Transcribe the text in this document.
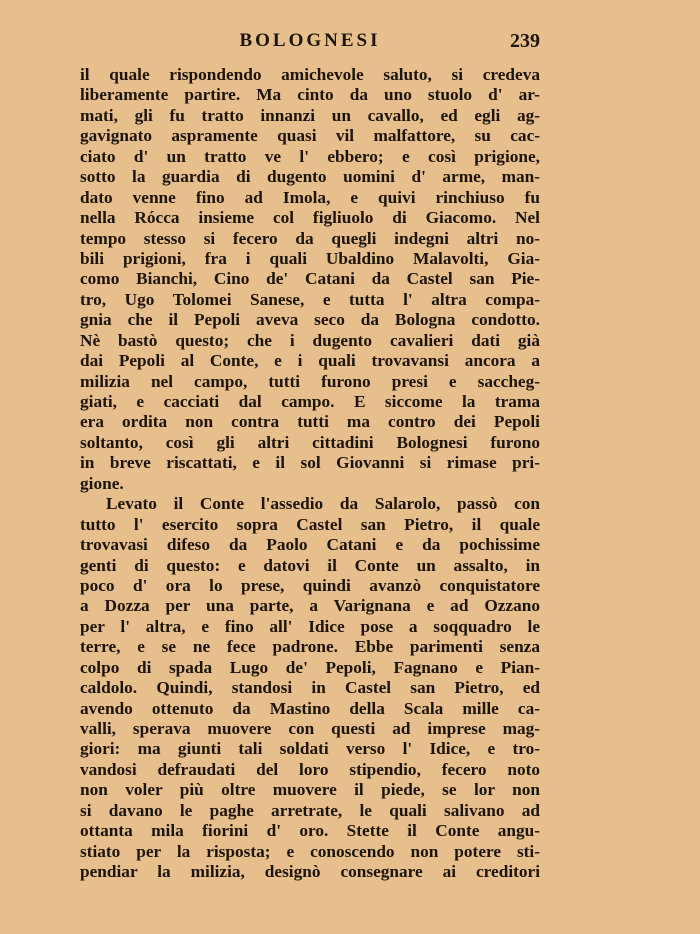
BOLOGNESI	239
il quale rispondendo amichevole saluto, si credeva
liberamente partire. Ma cinto da uno stuolo d' ar-
mati, gli fu tratto innanzi un cavallo, ed egli ag-
gavignato aspramente quasi vil malfattore, su cac-
ciato d' un tratto ve l' ebbero; e così prigione,
sotto la guardia di dugento uomini d' arme, man-
dato venne fino ad Imola, e quivi rinchiuso fu
nella Rócca insieme col figliuolo di Giacomo. Nel
tempo stesso si fecero da quegli indegni altri no-
bili prigioni, fra i quali Ubaldino Malavolti, Gia-
como Bianchi, Cino de' Catani da Castel san Pie-
tro, Ugo Tolomei Sanese, e tutta l' altra compa-
gnia che il Pepoli aveva seco da Bologna condotto.
Nè bastò questo; che i dugento cavalieri dati già
dai Pepoli al Conte, e i quali trovavansi ancora a
milizia nel campo, tutti furono presi e saccheg-
giati, e cacciati dal campo. E siccome la trama
era ordita non contra tutti ma contro dei Pepoli
soltanto, così gli altri cittadini Bolognesi furono
in breve riscattati, e il sol Giovanni si rimase pri-
gione.
Levato il Conte l'assedio da Salarolo, passò con
tutto l' esercito sopra Castel san Pietro, il quale
trovavasi difeso da Paolo Catani e da pochissime
genti di questo: e datovi il Conte un assalto, in
poco d' ora lo prese, quindi avanzò conquistatore
a Dozza per una parte, a Varignana e ad Ozzano
per l' altra, e fino all' Idice pose a soqquadro le
terre, e se ne fece padrone. Ebbe parimenti senza
colpo di spada Lugo de' Pepoli, Fagnano e Pian-
caldolo. Quindi, standosi in Castel san Pietro, ed
avendo ottenuto da Mastino della Scala mille ca-
valli, sperava muovere con questi ad imprese mag-
giori: ma giunti tali soldati verso l' Idice, e tro-
vandosi defraudati del loro stipendio, fecero noto
non voler più oltre muovere il piede, se lor non
si davano le paghe arretrate, le quali salivano ad
ottanta mila fiorini d' oro. Stette il Conte angu-
stiato per la risposta; e conoscendo non potere sti-
pendiar la milizia, designò consegnare ai creditori
